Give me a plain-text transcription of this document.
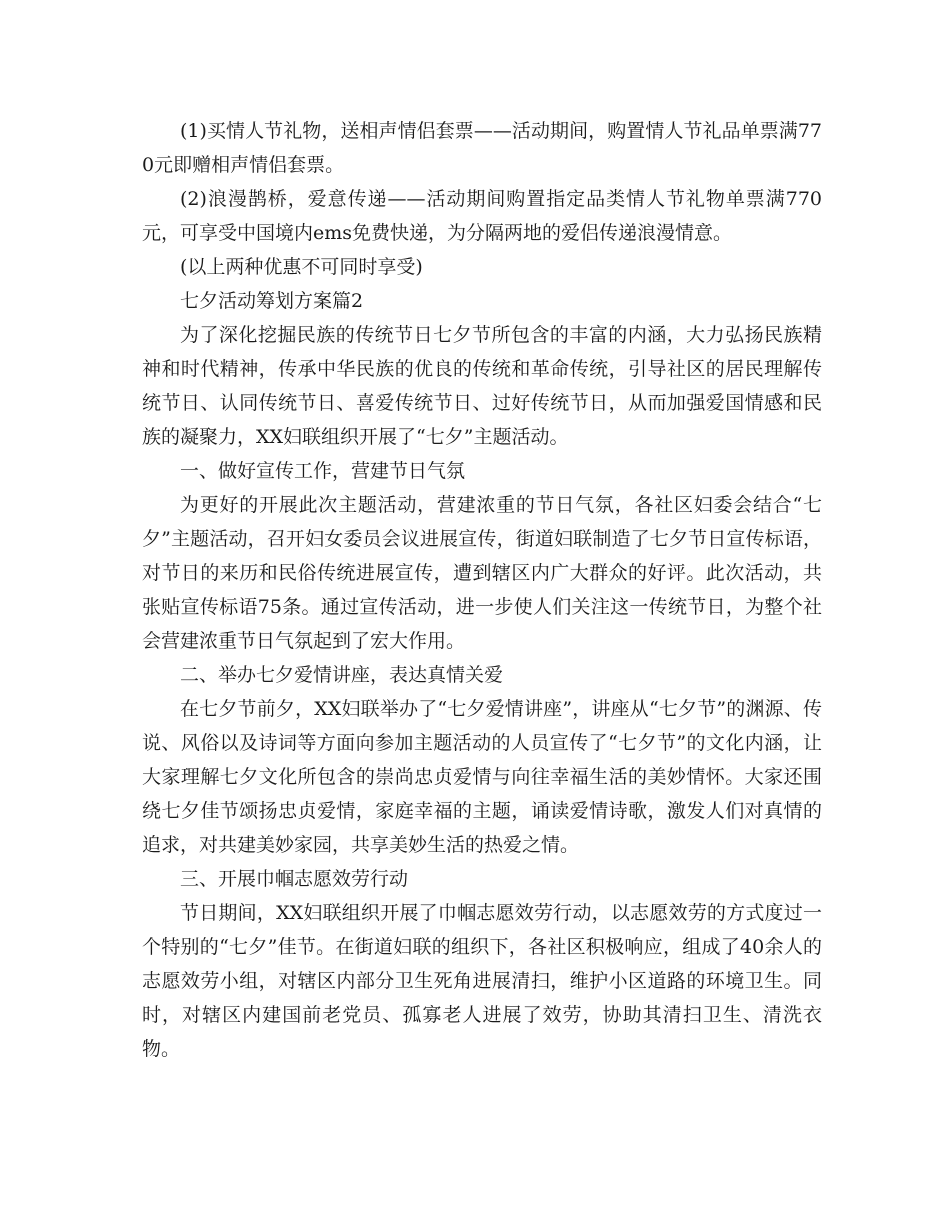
(1)买情人节礼物，送相声情侣套票——活动期间，购置情人节礼品单票满770元即赠相声情侣套票。

(2)浪漫鹊桥，爱意传递——活动期间购置指定品类情人节礼物单票满770元，可享受中国境内ems免费快递，为分隔两地的爱侣传递浪漫情意。

(以上两种优惠不可同时享受)

七夕活动筹划方案篇2

为了深化挖掘民族的传统节日七夕节所包含的丰富的内涵，大力弘扬民族精神和时代精神，传承中华民族的优良的传统和革命传统，引导社区的居民理解传统节日、认同传统节日、喜爱传统节日、过好传统节日，从而加强爱国情感和民族的凝聚力，XX妇联组织开展了“七夕”主题活动。

一、做好宣传工作，营建节日气氛

为更好的开展此次主题活动，营建浓重的节日气氛，各社区妇委会结合“七夕”主题活动，召开妇女委员会议进展宣传，街道妇联制造了七夕节日宣传标语，对节日的来历和民俗传统进展宣传，遭到辖区内广大群众的好评。此次活动，共张贴宣传标语75条。通过宣传活动，进一步使人们关注这一传统节日，为整个社会营建浓重节日气氛起到了宏大作用。

二、举办七夕爱情讲座，表达真情关爱

在七夕节前夕，XX妇联举办了“七夕爱情讲座”，讲座从“七夕节”的渊源、传说、风俗以及诗词等方面向参加主题活动的人员宣传了“七夕节”的文化内涵，让大家理解七夕文化所包含的崇尚忠贞爱情与向往幸福生活的美妙情怀。大家还围绕七夕佳节颂扬忠贞爱情，家庭幸福的主题，诵读爱情诗歌，激发人们对真情的追求，对共建美妙家园，共享美妙生活的热爱之情。

三、开展巾帼志愿效劳行动

节日期间，XX妇联组织开展了巾帼志愿效劳行动，以志愿效劳的方式度过一个特别的“七夕”佳节。在街道妇联的组织下，各社区积极响应，组成了40余人的志愿效劳小组，对辖区内部分卫生死角进展清扫，维护小区道路的环境卫生。同时，对辖区内建国前老党员、孤寡老人进展了效劳，协助其清扫卫生、清洗衣物。
